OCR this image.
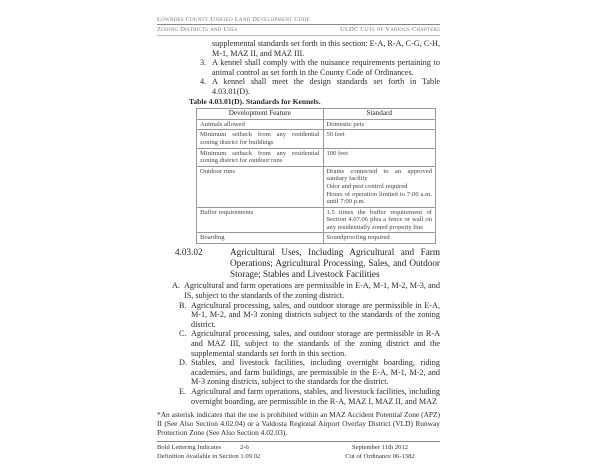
Lowndes County Unified Land Development Code
Zoning Districts and Uses	ULDC Cuts of Various Chapters
supplemental standards set forth in this section: E-A, R-A, C-G, C-H, M-1, MAZ II, and MAZ III.
3. A kennel shall comply with the nuisance requirements pertaining to animal control as set forth in the County Code of Ordinances.
4. A kennel shall meet the design standards set forth in Table 4.03.01(D).
Table 4.03.01(D). Standards for Kennels.
Development Feature	Standard
Animals allowed	Domestic pets
Minimum setback from any residential zoning district for buildings	50 feet
Minimum setback from any residential zoning district for outdoor runs	100 feet
Outdoor runs	Drains connected to an approved sanitary facility
Odor and pest control required
Hours of operation limited to 7:00 a.m. until 7:00 p.m.

Buffer requirements	1.5 times the buffer requirement of Section 4.07.06 plus a fence or wall on any residentially zoned property line
Boarding	Soundproofing required
4.03.02	Agricultural Uses, Including Agricultural and Farm Operations; Agricultural Processing, Sales, and Outdoor Storage; Stables and Livestock Facilities
A. Agricultural and farm operations are permissible in E-A, M-1, M-2, M-3, and IS, subject to the standards of the zoning district.
B. Agricultural processing, sales, and outdoor storage are permissible in E-A, M-1, M-2, and M-3 zoning districts subject to the standards of the zoning district.
C. Agricultural processing, sales, and outdoor storage are permissible in R-A and MAZ III, subject to the standards of the zoning district and the supplemental standards set forth in this section.
D. Stables, and livestock facilities, including overnight boarding, riding academies, and farm buildings, are permissible in the E-A, M-1, M-2, and M-3 zoning districts, subject to the standards for the district.
E. Agricultural and farm operations, stables, and livestock facilities, including overnight boarding, are permissible in the R-A, MAZ I, MAZ II, and MAZ
*An asterisk indicates that the use is prohibited within an MAZ Accident Potential Zone (APZ) II (See Also Section 4.02.04) or a Valdosta Regional Airport Overlay District (VLD) Runway Protection Zone (See Also Section 4.02.03).
Bold Lettering Indicates	2-6	September 11th 2012
Definition Available in Section 1.09.02	Cut of Ordinance 06-1382
